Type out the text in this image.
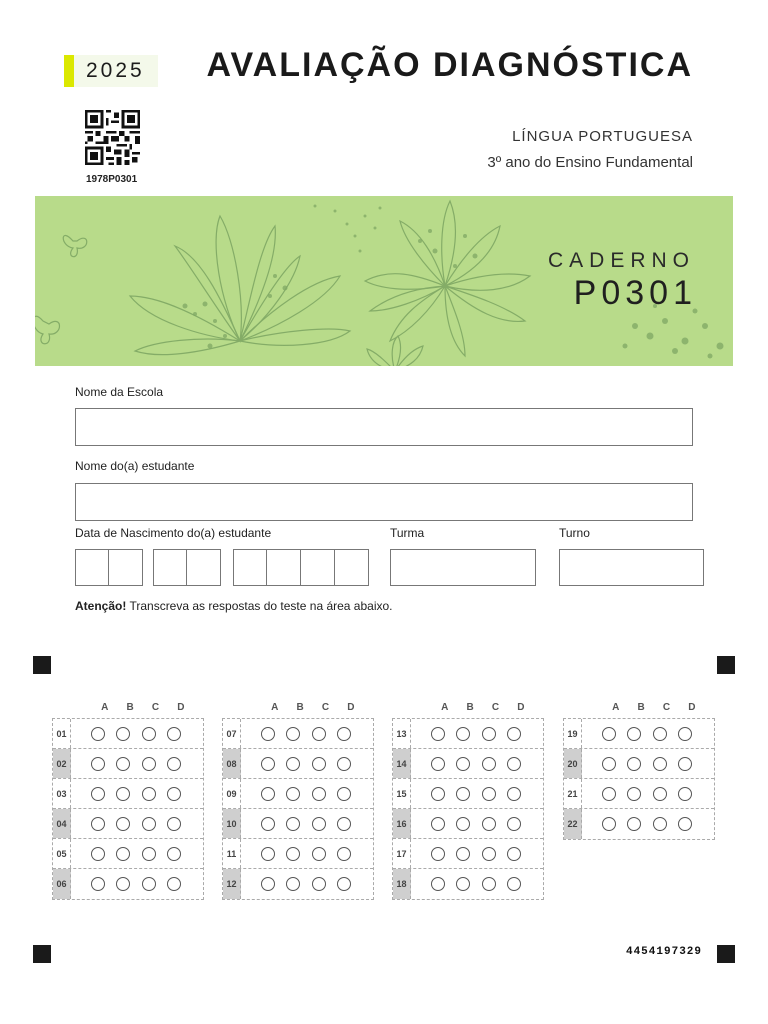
2025 AVALIAÇÃO DIAGNÓSTICA
1978P0301
LÍNGUA PORTUGUESA
3º ano do Ensino Fundamental
CADERNO
P0301
Nome da Escola
Nome do(a) estudante
Data de Nascimento do(a) estudante	Turma	Turno
Atenção! Transcreva as respostas do teste na área abaixo.
A	B	C	D
01
02
03
04
05
06
A	B	C	D
07
08
09
10
11
12
A	B	C	D
13
14
15
16
17
18
A	B	C	D
19
20
21
22
4454197329
